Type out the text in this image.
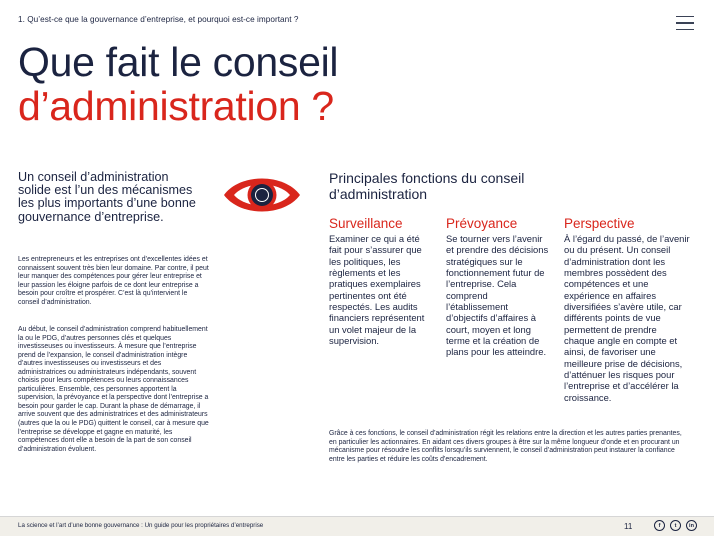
1. Qu’est-ce que la gouvernance d’entreprise, et pourquoi est-ce important ?
Que fait le conseil
d’administration ?
Un conseil d’administration solide est l’un des mécanismes les plus importants d’une bonne gouvernance d’entreprise.
Les entrepreneurs et les entreprises ont d’excellentes idées et connaissent souvent très bien leur domaine. Par contre, il peut leur manquer des compétences pour gérer leur entreprise et leur passion les éloigne parfois de ce dont leur entreprise a besoin pour croître et prospérer. C’est là qu’intervient le conseil d’administration.
Au début, le conseil d’administration comprend habituellement la ou le PDG, d’autres personnes clés et quelques investisseuses ou investisseurs. À mesure que l’entreprise prend de l’expansion, le conseil d’administration intègre d’autres investisseuses ou investisseurs et des administratrices ou administrateurs indépendants, souvent choisis pour leurs compétences ou leurs connaissances particulières. Ensemble, ces personnes apportent la supervision, la prévoyance et la perspective dont l’entreprise a besoin pour garder le cap. Durant la phase de démarrage, il arrive souvent que des administratrices et des administrateurs (autres que la ou le PDG) quittent le conseil, car à mesure que l’entreprise se développe et gagne en maturité, les compétences dont elle a besoin de la part de son conseil d’administration évoluent.
Principales fonctions du conseil d’administration
Surveillance
Examiner ce qui a été fait pour s’assurer que les politiques, les règlements et les pratiques exemplaires pertinentes ont été respectés. Les audits financiers représentent un volet majeur de la supervision.
Prévoyance
Se tourner vers l’avenir et prendre des décisions stratégiques sur le fonctionnement futur de l’entreprise. Cela comprend l’établissement d’objectifs d’affaires à court, moyen et long terme et la création de plans pour les atteindre.
Perspective
À l’égard du passé, de l’avenir ou du présent. Un conseil d’administration dont les membres possèdent des compétences et une expérience en affaires diversifiées s’avère utile, car différents points de vue permettent de prendre chaque angle en compte et ainsi, de favoriser une meilleure prise de décisions, d’atténuer les risques pour l’entreprise et d’accélérer la croissance.
Grâce à ces fonctions, le conseil d’administration régit les relations entre la direction et les autres parties prenantes, en particulier les actionnaires. En aidant ces divers groupes à être sur la même longueur d’onde et en procurant un mécanisme pour résoudre les conflits lorsqu’ils surviennent, le conseil d’administration peut instaurer la confiance entre les parties et réduire les coûts d’encadrement.
La science et l’art d’une bonne gouvernance : Un guide pour les propriétaires d’entreprise	11	f	t	in
